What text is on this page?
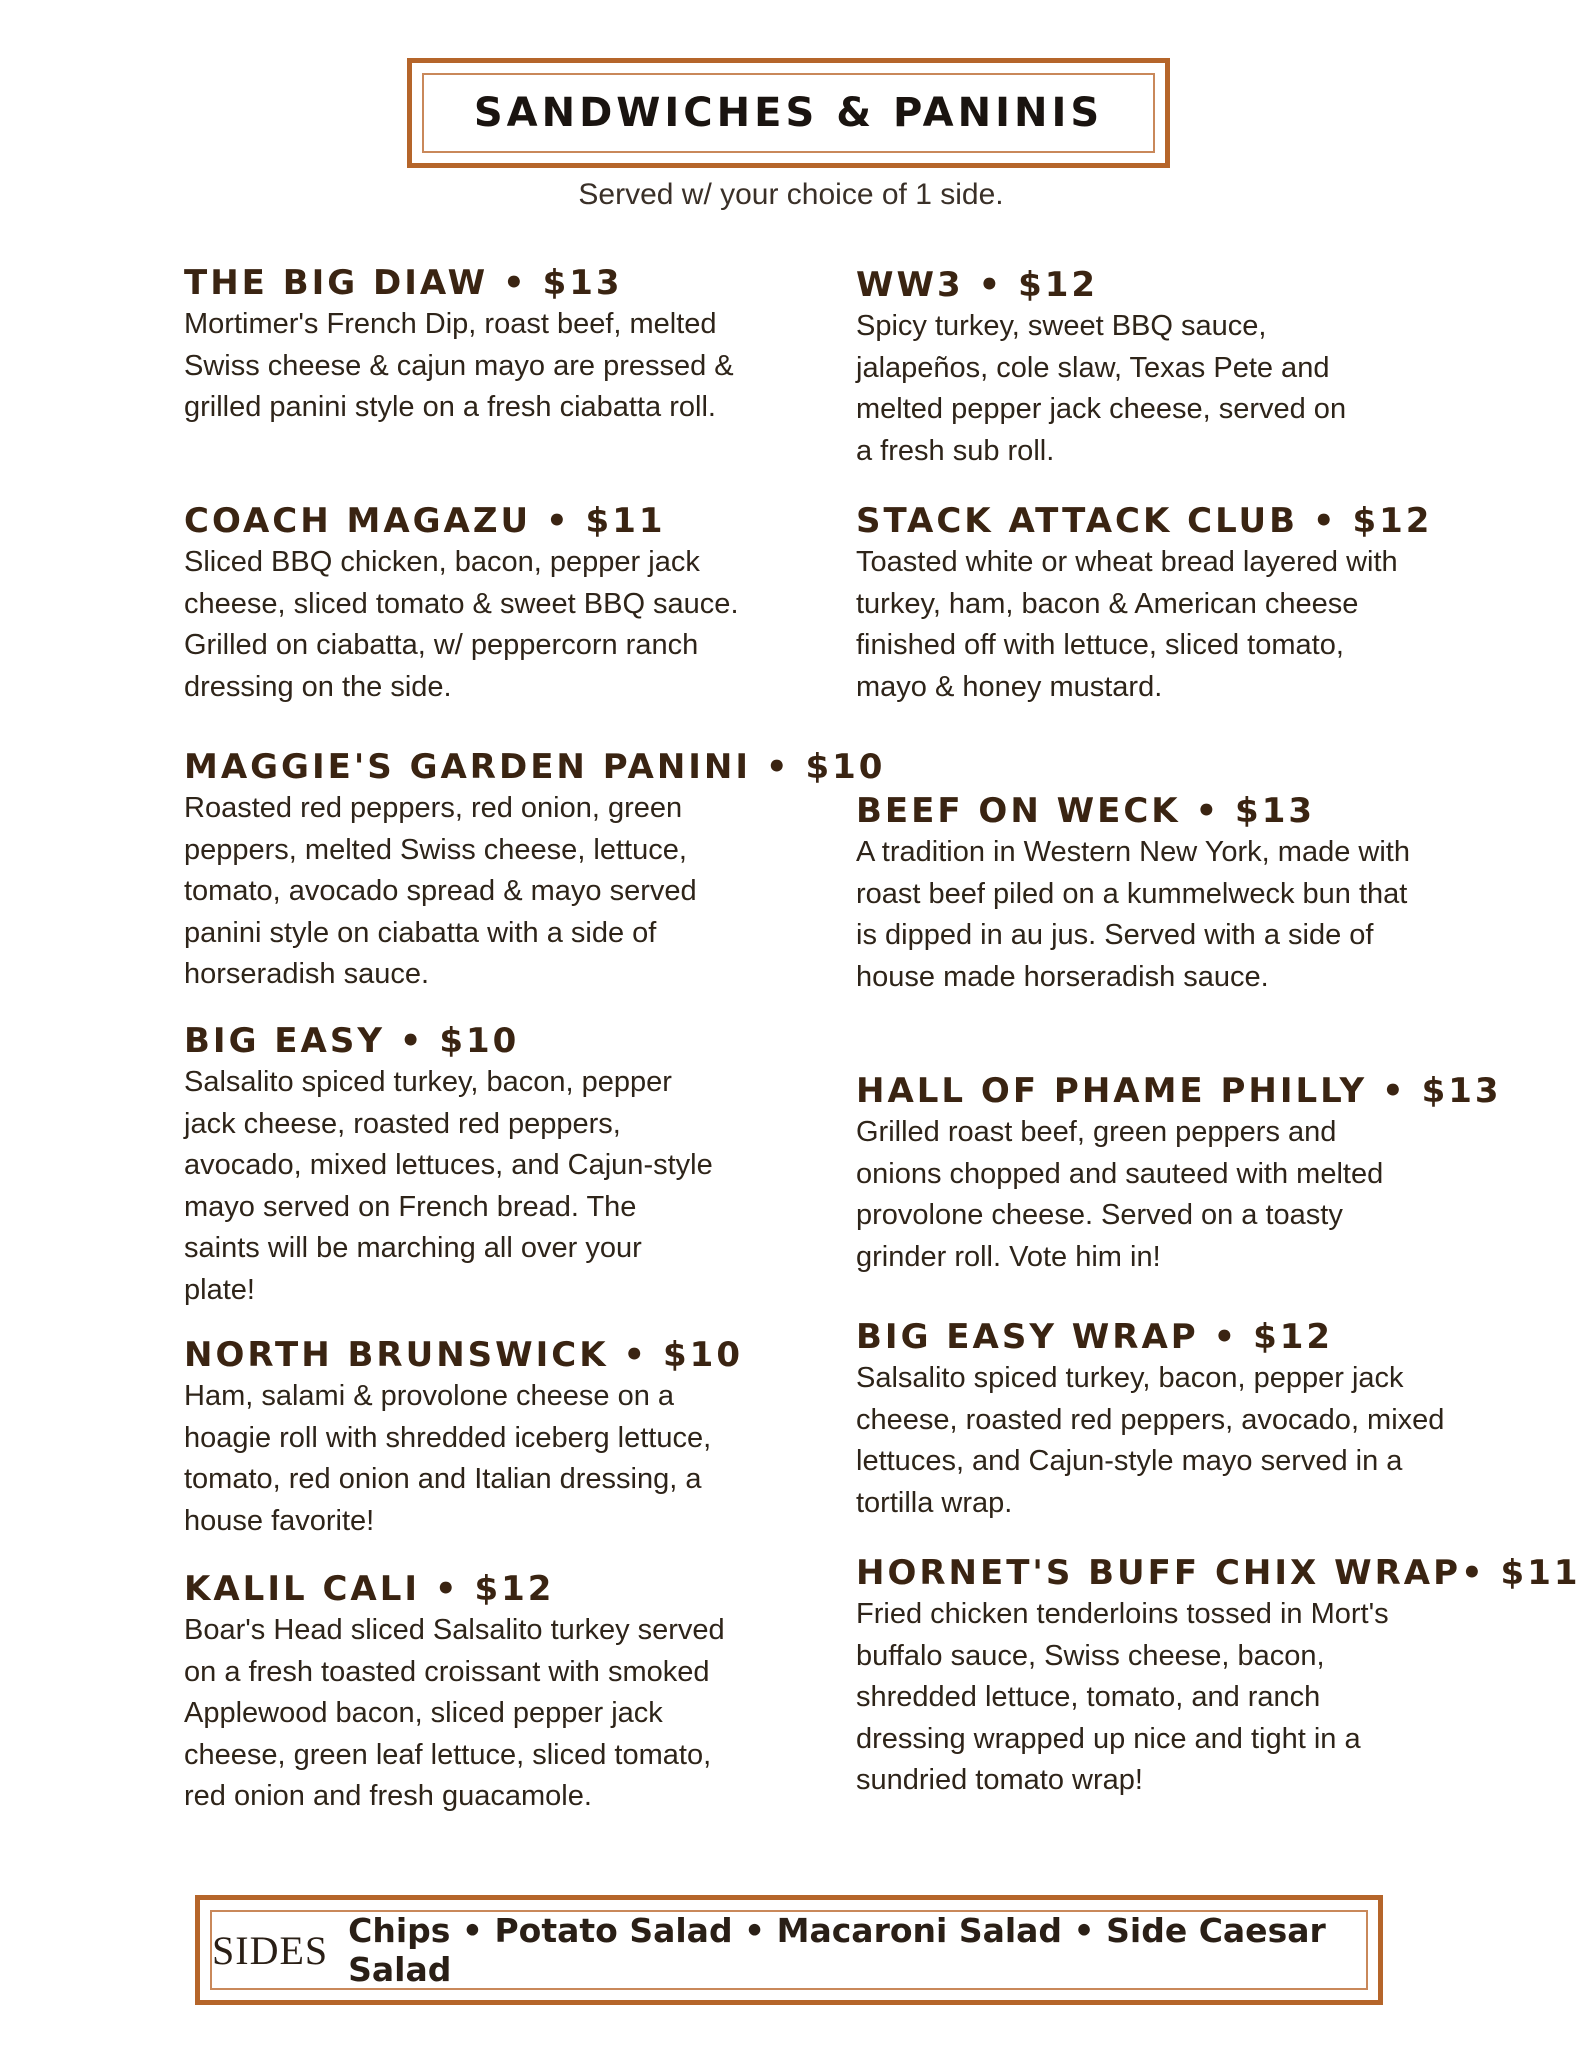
SANDWICHES & PANINIS
Served w/ your choice of 1 side.
THE BIG DIAW • $13
Mortimer's French Dip, roast beef, melted Swiss cheese & cajun mayo are pressed & grilled panini style on a fresh ciabatta roll.
COACH MAGAZU • $11
Sliced BBQ chicken, bacon, pepper jack cheese, sliced tomato & sweet BBQ sauce. Grilled on ciabatta, w/ peppercorn ranch dressing on the side.
MAGGIE'S GARDEN PANINI • $10
Roasted red peppers, red onion, green peppers, melted Swiss cheese, lettuce, tomato, avocado spread & mayo served panini style on ciabatta with a side of horseradish sauce.
BIG EASY • $10
Salsalito spiced turkey, bacon, pepper jack cheese, roasted red peppers, avocado, mixed lettuces, and Cajun-style mayo served on French bread. The saints will be marching all over your plate!
NORTH BRUNSWICK • $10
Ham, salami & provolone cheese on a hoagie roll with shredded iceberg lettuce, tomato, red onion and Italian dressing, a house favorite!
KALIL CALI • $12
Boar's Head sliced Salsalito turkey served on a fresh toasted croissant with smoked Applewood bacon, sliced pepper jack cheese, green leaf lettuce, sliced tomato, red onion and fresh guacamole.
WW3 • $12
Spicy turkey, sweet BBQ sauce, jalapeños, cole slaw, Texas Pete and melted pepper jack cheese, served on a fresh sub roll.
STACK ATTACK CLUB • $12
Toasted white or wheat bread layered with turkey, ham, bacon & American cheese finished off with lettuce, sliced tomato, mayo & honey mustard.
BEEF ON WECK • $13
A tradition in Western New York, made with roast beef piled on a kummelweck bun that is dipped in au jus. Served with a side of house made horseradish sauce.
HALL OF PHAME PHILLY • $13
Grilled roast beef, green peppers and onions chopped and sauteed with melted provolone cheese. Served on a toasty grinder roll. Vote him in!
BIG EASY WRAP • $12
Salsalito spiced turkey, bacon, pepper jack cheese, roasted red peppers, avocado, mixed lettuces, and Cajun-style mayo served in a tortilla wrap.
HORNET'S BUFF CHIX WRAP• $11
Fried chicken tenderloins tossed in Mort's buffalo sauce, Swiss cheese, bacon, shredded lettuce, tomato, and ranch dressing wrapped up nice and tight in a sundried tomato wrap!
SIDES Chips • Potato Salad • Macaroni Salad • Side Caesar Salad
